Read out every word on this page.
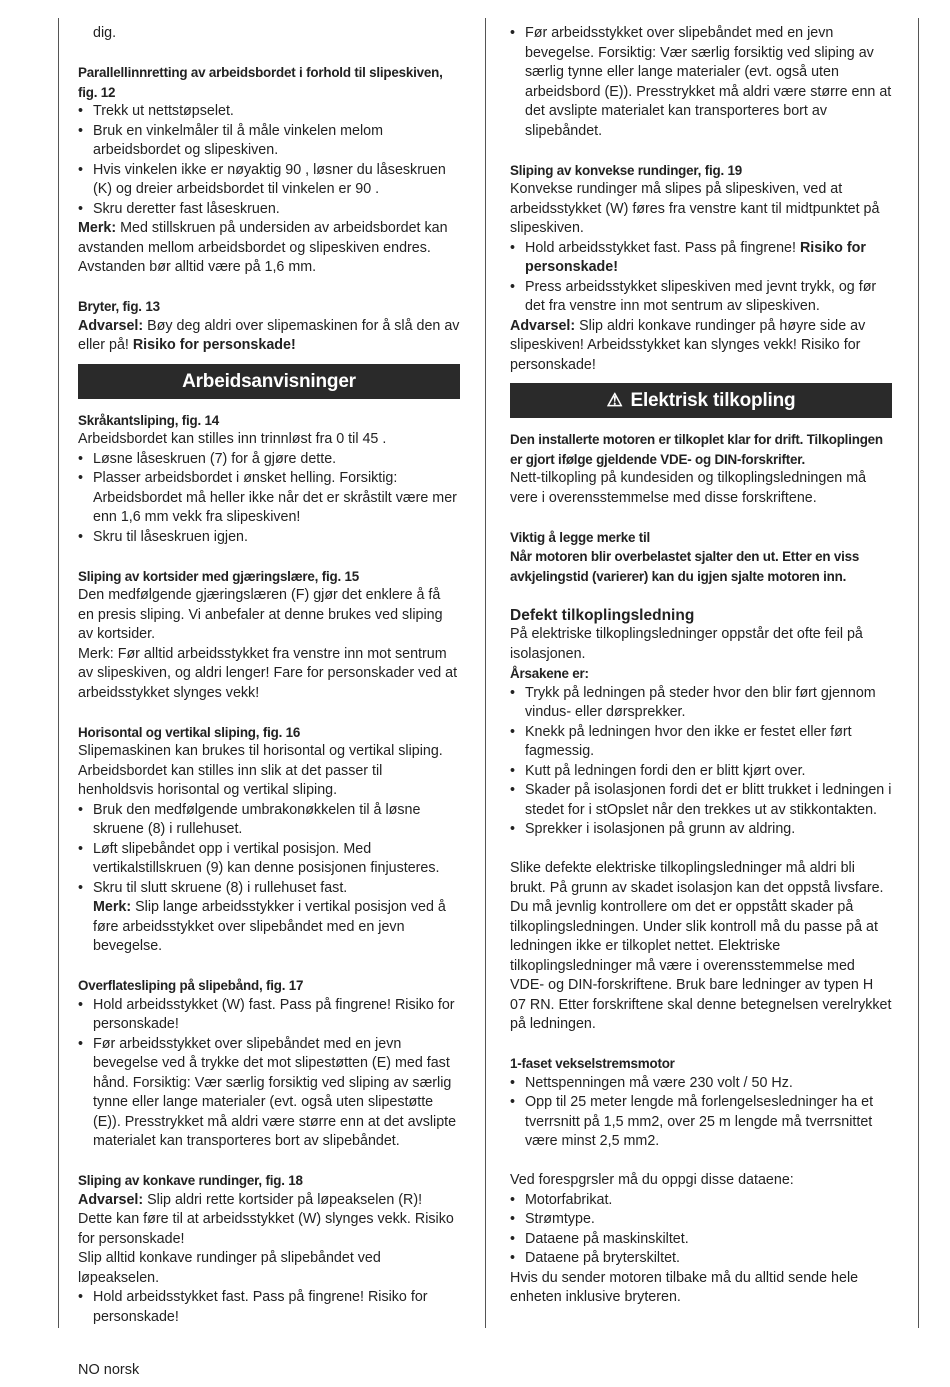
dig.

Parallellinnretting av arbeidsbordet i forhold til slipeskiven, fig. 12

• Trekk ut nettstøpselet.
• Bruk en vinkelmåler til å måle vinkelen melom arbeidsbordet og slipeskiven.
• Hvis vinkelen ikke er nøyaktig 90 , løsner du låseskruen (K) og dreier arbeidsbordet til vinkelen er 90 .
• Skru deretter fast låseskruen.

Merk: Med stillskruen på undersiden av arbeidsbordet kan avstanden mellom arbeidsbordet og slipeskiven endres. Avstanden bør alltid være på 1,6 mm.

Bryter, fig. 13

Advarsel: Bøy deg aldri over slipemaskinen for å slå den av eller på! Risiko for personskade!

Arbeidsanvisninger

Skråkantsliping, fig. 14

Arbeidsbordet kan stilles inn trinnløst fra 0 til 45 .

• Løsne låseskruen (7) for å gjøre dette.
• Plasser arbeidsbordet i ønsket helling. Forsiktig: Arbeidsbordet må heller ikke når det er skråstilt være mer enn 1,6 mm vekk fra slipeskiven!
• Skru til låseskruen igjen.

Sliping av kortsider med gjæringslære, fig. 15

Den medfølgende gjæringslæren (F) gjør det enklere å få en presis sliping. Vi anbefaler at denne brukes ved sliping av kortsider.

Merk: Før alltid arbeidsstykket fra venstre inn mot sentrum av slipeskiven, og aldri lenger! Fare for personskader ved at arbeidsstykket slynges vekk!

Horisontal og vertikal sliping, fig. 16

Slipemaskinen kan brukes til horisontal og vertikal sliping. Arbeidsbordet kan stilles inn slik at det passer til henholdsvis horisontal og vertikal sliping.

• Bruk den medfølgende umbrakonøkkelen til å løsne skruene (8) i rullehuset.
• Løft slipebåndet opp i vertikal posisjon. Med vertikalstillskruen (9) kan denne posisjonen finjusteres.
• Skru til slutt skruene (8) i rullehuset fast.

Merk: Slip lange arbeidsstykker i vertikal posisjon ved å føre arbeidsstykket over slipebåndet med en jevn bevegelse.

Overflatesliping på slipebånd, fig. 17

• Hold arbeidsstykket (W) fast. Pass på fingrene! Risiko for personskade!
• Før arbeidsstykket over slipebåndet med en jevn bevegelse ved å trykke det mot slipestøtten (E) med fast hånd. Forsiktig: Vær særlig forsiktig ved sliping av særlig tynne eller lange materialer (evt. også uten slipestøtte (E)). Presstrykket må aldri være større enn at det avslipte materialet kan transporteres bort av slipebåndet.

Sliping av konkave rundinger, fig. 18

Advarsel: Slip aldri rette kortsider på løpeakselen (R)! Dette kan føre til at arbeidsstykket (W) slynges vekk. Risiko for personskade!

Slip alltid konkave rundinger på slipebåndet ved løpeakselen.

• Hold arbeidsstykket fast. Pass på fingrene! Risiko for personskade!
• Før arbeidsstykket over slipebåndet med en jevn bevegelse. Forsiktig: Vær særlig forsiktig ved sliping av særlig tynne eller lange materialer (evt. også uten arbeidsbord (E)). Presstrykket må aldri være større enn at det avslipte materialet kan transporteres bort av slipebåndet.

Sliping av konvekse rundinger, fig. 19

Konvekse rundinger må slipes på slipeskiven, ved at arbeidsstykket (W) føres fra venstre kant til midtpunktet på slipeskiven.

• Hold arbeidsstykket fast. Pass på fingrene! Risiko for personskade!
• Press arbeidsstykket slipeskiven med jevnt trykk, og før det fra venstre inn mot sentrum av slipeskiven.

Advarsel: Slip aldri konkave rundinger på høyre side av slipeskiven! Arbeidsstykket kan slynges vekk! Risiko for personskade!

⚠ Elektrisk tilkopling

Den installerte motoren er tilkoplet klar for drift. Tilkoplingen er gjort ifølge gjeldende VDE- og DIN-forskrifter.

Nett-tilkopling på kundesiden og tilkoplingsledningen må vere i overensstemmelse med disse forskriftene.

Viktig å legge merke til

Når motoren blir overbelastet sjalter den ut. Etter en viss avkjelingstid (varierer) kan du igjen sjalte motoren inn.

Defekt tilkoplingsledning

På elektriske tilkoplingsledninger oppstår det ofte feil på isolasjonen.

Årsakene er:

• Trykk på ledningen på steder hvor den blir ført gjennom vindus- eller dørsprekker.
• Knekk på ledningen hvor den ikke er festet eller ført fagmessig.
• Kutt på ledningen fordi den er blitt kjørt over.
• Skader på isolasjonen fordi det er blitt trukket i ledningen i stedet for i stOpslet når den trekkes ut av stikkontakten.
• Sprekker i isolasjonen på grunn av aldring.

Slike defekte elektriske tilkoplingsledninger må aldri bli brukt. På grunn av skadet isolasjon kan det oppstå livsfare. Du må jevnlig kontrollere om det er oppstått skader på tilkoplingsledningen. Under slik kontroll må du passe på at ledningen ikke er tilkoplet nettet. Elektriske tilkoplingsledninger må være i overensstemmelse med VDE- og DIN-forskriftene. Bruk bare ledninger av typen H 07 RN. Etter forskriftene skal denne betegnelsen verelrykket på ledningen.

1-faset vekselstremsmotor

• Nettspenningen må være 230 volt / 50 Hz.
• Opp til 25 meter lengde må forlengelsesledninger ha et tverrsnitt på 1,5 mm2, over 25 m lengde må tverrsnittet være minst 2,5 mm2.

Ved forespgrsler må du oppgi disse dataene:

• Motorfabrikat.
• Strømtype.
• Dataene på maskinskiltet.
• Dataene på bryterskiltet.

Hvis du sender motoren tilbake må du alltid sende hele enheten inklusive bryteren.

NO norsk
